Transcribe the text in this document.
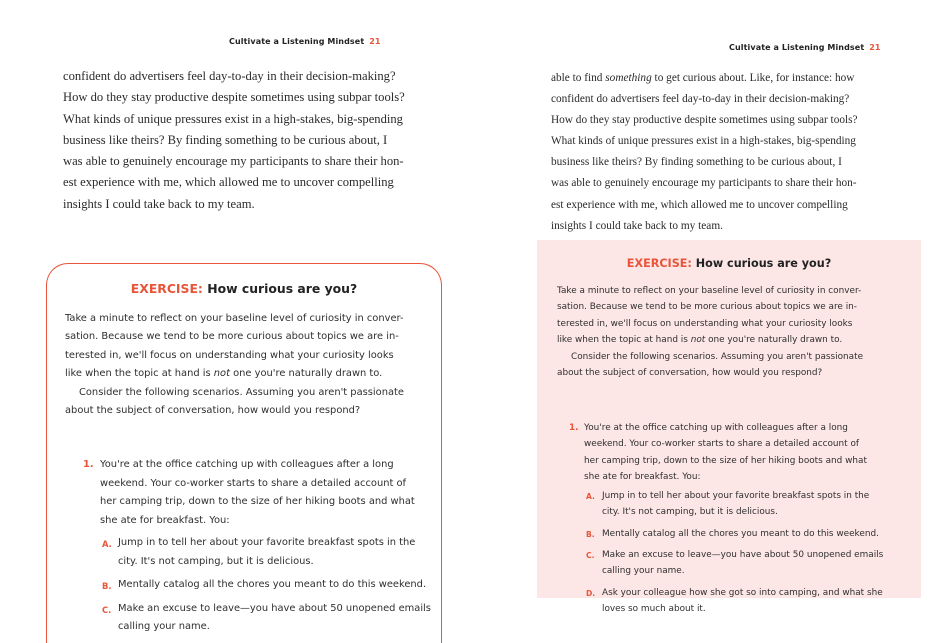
Cultivate a Listening Mindset 21
confident do advertisers feel day-to-day in their decision-making?
How do they stay productive despite sometimes using subpar tools?
What kinds of unique pressures exist in a high-stakes, big-spending
business like theirs? By finding something to be curious about, I
was able to genuinely encourage my participants to share their hon-
est experience with me, which allowed me to uncover compelling
insights I could take back to my team.
EXERCISE: How curious are you?
Take a minute to reflect on your baseline level of curiosity in conver-
sation. Because we tend to be more curious about topics we are in-
terested in, we'll focus on understanding what your curiosity looks
like when the topic at hand is not one you're naturally drawn to.
Consider the following scenarios. Assuming you aren't passionate
about the subject of conversation, how would you respond?
1. You're at the office catching up with colleagues after a long
weekend. Your co-worker starts to share a detailed account of
her camping trip, down to the size of her hiking boots and what
she ate for breakfast. You:
A. Jump in to tell her about your favorite breakfast spots in the
city. It's not camping, but it is delicious.
B. Mentally catalog all the chores you meant to do this weekend.
C. Make an excuse to leave—you have about 50 unopened emails
calling your name.
Cultivate a Listening Mindset 21
able to find something to get curious about. Like, for instance: how
confident do advertisers feel day-to-day in their decision-making?
How do they stay productive despite sometimes using subpar tools?
What kinds of unique pressures exist in a high-stakes, big-spending
business like theirs? By finding something to be curious about, I
was able to genuinely encourage my participants to share their hon-
est experience with me, which allowed me to uncover compelling
insights I could take back to my team.
EXERCISE: How curious are you?
Take a minute to reflect on your baseline level of curiosity in conver-
sation. Because we tend to be more curious about topics we are in-
terested in, we'll focus on understanding what your curiosity looks
like when the topic at hand is not one you're naturally drawn to.
Consider the following scenarios. Assuming you aren't passionate
about the subject of conversation, how would you respond?
1. You're at the office catching up with colleagues after a long
weekend. Your co-worker starts to share a detailed account of
her camping trip, down to the size of her hiking boots and what
she ate for breakfast. You:
A. Jump in to tell her about your favorite breakfast spots in the
city. It's not camping, but it is delicious.
B. Mentally catalog all the chores you meant to do this weekend.
C. Make an excuse to leave—you have about 50 unopened emails
calling your name.
D. Ask your colleague how she got so into camping, and what she
loves so much about it.
